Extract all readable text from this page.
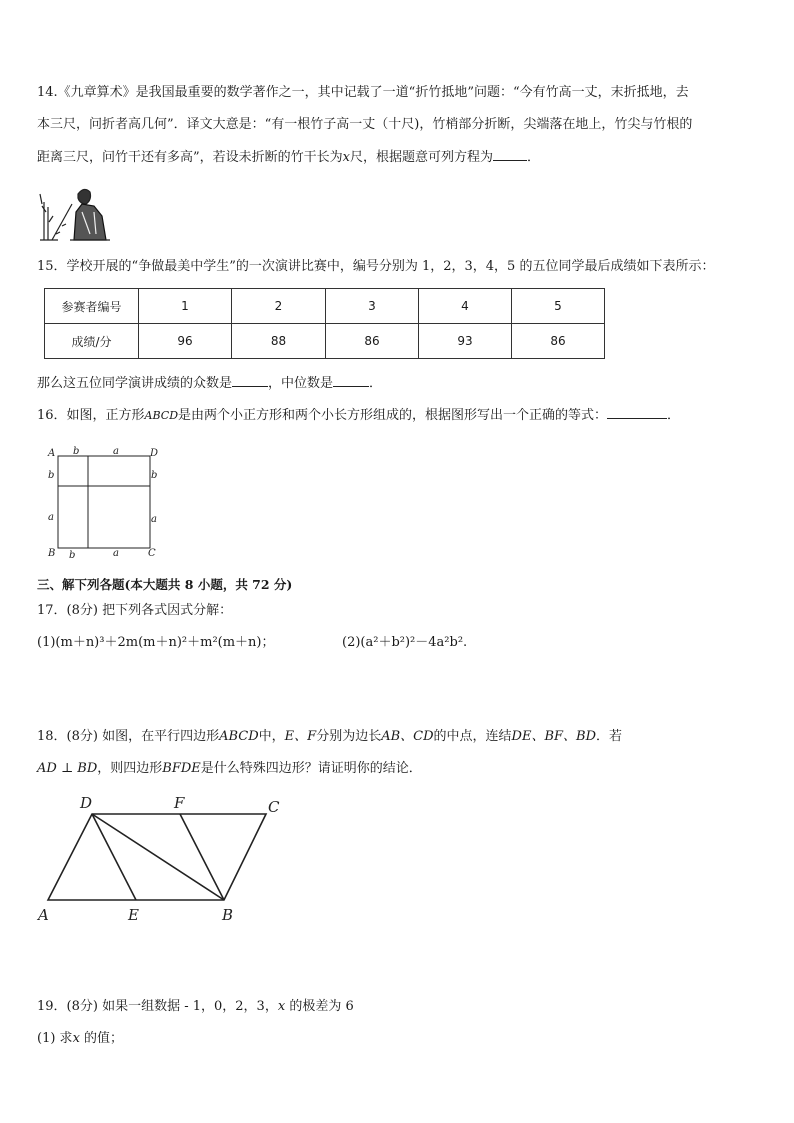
14.《九章算术》是我国最重要的数学著作之一，其中记载了一道“折竹抵地”问题：“今有竹高一丈，末折抵地，去
本三尺，问折者高几何”．译文大意是：“有一根竹子高一丈（十尺)，竹梢部分折断，尖端落在地上，竹尖与竹根的
距离三尺，问竹干还有多高”，若设未折断的竹干长为x尺，根据题意可列方程为	．
15．学校开展的“争做最美中学生”的一次演讲比赛中，编号分别为 1，2，3，4，5 的五位同学最后成绩如下表所示：
参赛者编号	1	2	3	4	5
成绩/分	96	88	86	93	86
那么这五位同学演讲成绩的众数是	，中位数是	．
16．如图，正方形ABCD是由两个小正方形和两个小长方形组成的，根据图形写出一个正确的等式：	．
A	D
B	C
b	a
b
a
b
a
b	a
三、解下列各题(本大题共 8 小题，共 72 分)
17．(8分) 把下列各式因式分解：
(1)(m＋n)³＋2m(m＋n)²＋m²(m＋n)；	(2)(a²＋b²)²－4a²b².
18．(8分) 如图，在平行四边形ABCD中，E、F分别为边长AB、CD的中点，连结DE、BF、BD．若
AD ⊥ BD，则四边形BFDE是什么特殊四边形？请证明你的结论．
A
D	F	C
E	B
19．(8分) 如果一组数据 - 1，0，2，3，x 的极差为 6
(1) 求x 的值；
